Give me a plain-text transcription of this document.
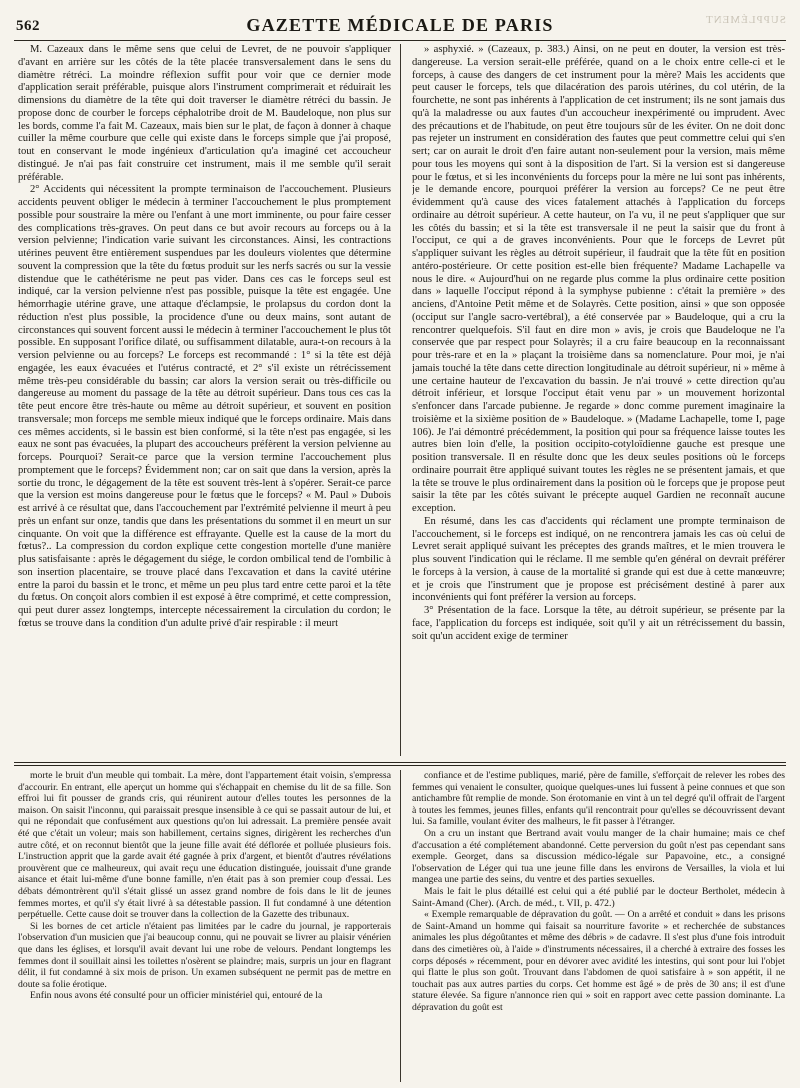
562	GAZETTE MÉDICALE DE PARIS	SUPPLÉMENT

M. Cazeaux dans le même sens que celui de Levret, de ne pouvoir s'appliquer d'avant en arrière sur les côtés de la tête placée transversalement dans le sens du diamètre rétréci. La moindre réflexion suffit pour voir que ce dernier mode d'application serait préférable, puisque alors l'instrument comprimerait et réduirait les dimensions du diamètre de la tête qui doit traverser le diamètre rétréci du bassin. Je propose donc de courber le forceps céphalotribe droit de M. Baudeloque, non plus sur les bords, comme l'a fait M. Cazeaux, mais bien sur le plat, de façon à donner à chaque cuiller la même courbure que celle qui existe dans le forceps simple que j'ai proposé, tout en conservant le mode ingénieux d'articulation qu'a imaginé cet accoucheur distingué. Je n'ai pas fait construire cet instrument, mais il me semble qu'il serait préférable.

2° Accidents qui nécessitent la prompte terminaison de l'accouchement. Plusieurs accidents peuvent obliger le médecin à terminer l'accouchement le plus promptement possible pour soustraire la mère ou l'enfant à une mort imminente, ou pour faire cesser des complications très-graves. On peut dans ce but avoir recours au forceps ou à la version pelvienne; l'indication varie suivant les circonstances. Ainsi, les contractions utérines peuvent être entièrement suspendues par les douleurs violentes que détermine souvent la compression que la tête du fœtus produit sur les nerfs sacrés ou sur la vessie distendue que le cathétérisme ne peut pas vider. Dans ces cas le forceps seul est indiqué, car la version pelvienne n'est pas possible, puisque la tête est engagée. Une hémorrhagie utérine grave, une attaque d'éclampsie, le prolapsus du cordon dont la réduction n'est plus possible, la procidence d'une ou deux mains, sont autant de circonstances qui souvent forcent aussi le médecin à terminer l'accouchement le plus tôt possible. En supposant l'orifice dilaté, ou suffisamment dilatable, aura-t-on recours à la version pelvienne ou au forceps? Le forceps est recommandé : 1° si la tête est déjà engagée, les eaux évacuées et l'utérus contracté, et 2° s'il existe un rétrécissement même très-peu considérable du bassin; car alors la version serait ou très-difficile ou dangereuse au moment du passage de la tête au détroit supérieur. Dans tous ces cas la tête peut encore être très-haute ou même au détroit supérieur, et souvent en position transversale; mon forceps me semble mieux indiqué que le forceps ordinaire. Mais dans ces mêmes accidents, si le bassin est bien conformé, si la tête n'est pas engagée, si les eaux ne sont pas évacuées, la plupart des accoucheurs préfèrent la version pelvienne au forceps. Pourquoi? Serait-ce parce que la version termine l'accouchement plus promptement que le forceps? Évidemment non; car on sait que dans la version, après la sortie du tronc, le dégagement de la tête est souvent très-lent à s'opérer. Serait-ce parce que la version est moins dangereuse pour le fœtus que le forceps? « M. Paul » Dubois est arrivé à ce résultat que, dans l'accouchement par l'extrémité pelvienne il meurt à peu près un enfant sur onze, tandis que dans les présentations du sommet il en meurt un sur cinquante. On voit que la différence est effrayante. Quelle est la cause de la mort du fœtus?.. La compression du cordon explique cette congestion mortelle d'une manière plus satisfaisante : après le dégagement du siége, le cordon ombilical tend de l'ombilic à son insertion placentaire, se trouve placé dans l'excavation et dans la cavité utérine entre la paroi du bassin et le tronc, et même un peu plus tard entre cette paroi et la tête du fœtus. On conçoit alors combien il est exposé à être comprimé, et cette compression, qui peut durer assez longtemps, intercepte nécessairement la circulation du cordon; le fœtus se trouve dans la condition d'un adulte privé d'air respirable : il meurt

» asphyxié. » (Cazeaux, p. 383.) Ainsi, on ne peut en douter, la version est très-dangereuse. La version serait-elle préférée, quand on a le choix entre celle-ci et le forceps, à cause des dangers de cet instrument pour la mère? Mais les accidents que peut causer le forceps, tels que dilacération des parois utérines, du col utérin, de la fourchette, ne sont pas inhérents à l'application de cet instrument; ils ne sont jamais dus qu'à la maladresse ou aux fautes d'un accoucheur inexpérimenté ou imprudent. Avec des précautions et de l'habitude, on peut être toujours sûr de les éviter. On ne doit donc pas rejeter un instrument en considération des fautes que peut commettre celui qui s'en sert; car on aurait le droit d'en faire autant non-seulement pour la version, mais même pour tous les moyens qui sont à la disposition de l'art. Si la version est si dangereuse pour le fœtus, et si les inconvénients du forceps pour la mère ne lui sont pas inhérents, je le demande encore, pourquoi préférer la version au forceps? Ce ne peut être évidemment qu'à cause des vices fatalement attachés à l'application du forceps ordinaire au détroit supérieur. A cette hauteur, on l'a vu, il ne peut s'appliquer que sur les côtés du bassin; et si la tête est transversale il ne peut la saisir que du front à l'occiput, ce qui a de graves inconvénients. Pour que le forceps de Levret pût s'appliquer suivant les règles au détroit supérieur, il faudrait que la tête fût en position antéro-postérieure. Or cette position est-elle bien fréquente? Madame Lachapelle va nous le dire. « Aujourd'hui on ne regarde plus comme la plus ordinaire cette position dans » laquelle l'occiput répond à la symphyse pubienne : c'était la première » des anciens, d'Antoine Petit même et de Solayrès. Cette position, ainsi » que son opposée (occiput sur l'angle sacro-vertébral), a été conservée par » Baudeloque, qui a cru la rencontrer quelquefois. S'il faut en dire mon » avis, je crois que Baudeloque ne l'a conservée que par respect pour Solayrès; il a cru faire beaucoup en la reconnaissant pour très-rare et en la » plaçant la troisième dans sa nomenclature. Pour moi, je n'ai jamais touché la tête dans cette direction longitudinale au détroit supérieur, ni » même à une certaine hauteur de l'excavation du bassin. Je n'ai trouvé » cette direction qu'au détroit inférieur, et lorsque l'occiput était venu par » un mouvement horizontal s'enfoncer dans l'arcade pubienne. Je regarde » donc comme purement imaginaire la troisième et la sixième position de » Baudeloque. » (Madame Lachapelle, tome I, page 106). Je l'ai démontré précédemment, la position qui pour sa fréquence laisse toutes les autres bien loin d'elle, la position occipito-cotyloïdienne gauche est presque une position transversale. Il en résulte donc que les deux seules positions où le forceps ordinaire pourrait être appliqué suivant toutes les règles ne se présentent jamais, et que la tête se trouve le plus ordinairement dans la position où le forceps que je propose peut saisir la tête par les côtés suivant le précepte auquel Gardien ne reconnaît aucune exception.

En résumé, dans les cas d'accidents qui réclament une prompte terminaison de l'accouchement, si le forceps est indiqué, on ne rencontrera jamais les cas où celui de Levret serait appliqué suivant les préceptes des grands maîtres, et le mien trouvera le plus souvent l'indication qui le réclame. Il me semble qu'en général on devrait préférer le forceps à la version, à cause de la mortalité si grande qui est due à cette manœuvre; et je crois que l'instrument que je propose est précisément destiné à parer aux inconvénients qui font préférer la version au forceps.

3° Présentation de la face. Lorsque la tête, au détroit supérieur, se présente par la face, l'application du forceps est indiquée, soit qu'il y ait un rétrécissement du bassin, soit qu'un accident exige de terminer

morte le bruit d'un meuble qui tombait. La mère, dont l'appartement était voisin, s'empressa d'accourir. En entrant, elle aperçut un homme qui s'échappait en chemise du lit de sa fille. Son effroi lui fit pousser de grands cris, qui réunirent autour d'elles toutes les personnes de la maison. On saisit l'inconnu, qui paraissait presque insensible à ce qui se passait autour de lui, et qui ne répondait que confusément aux questions qu'on lui adressait. La première pensée avait été que c'était un voleur; mais son habillement, certains signes, dirigèrent les recherches d'un autre côté, et on reconnut bientôt que la jeune fille avait été déflorée et polluée plusieurs fois. L'instruction apprit que la garde avait été gagnée à prix d'argent, et bientôt d'autres révélations prouvèrent que ce malheureux, qui avait reçu une éducation distinguée, jouissait d'une grande aisance et était lui-même d'une bonne famille, n'en était pas à son premier coup d'essai. Les débats démontrèrent qu'il s'était glissé un assez grand nombre de fois dans le lit de jeunes femmes mortes, et qu'il s'y était livré à sa détestable passion. Il fut condamné à une détention perpétuelle. Cette cause doit se trouver dans la collection de la Gazette des tribunaux.

Si les bornes de cet article n'étaient pas limitées par le cadre du journal, je rapporterais l'observation d'un musicien que j'ai beaucoup connu, qui ne pouvait se livrer au plaisir vénérien que dans les églises, et lorsqu'il avait devant lui une robe de velours. Pendant longtemps les femmes dont il souillait ainsi les toilettes n'osèrent se plaindre; mais, surpris un jour en flagrant délit, il fut condamné à six mois de prison. Un examen subséquent ne permit pas de mettre en doute sa folie érotique.

Enfin nous avons été consulté pour un officier ministériel qui, entouré de la

confiance et de l'estime publiques, marié, père de famille, s'efforçait de relever les robes des femmes qui venaient le consulter, quoique quelques-unes lui fussent à peine connues et que son antichambre fût remplie de monde. Son érotomanie en vint à un tel degré qu'il offrait de l'argent à toutes les femmes, jeunes filles, enfants qu'il rencontrait pour qu'elles se découvrissent devant lui. Sa famille, voulant éviter des malheurs, le fit passer à l'étranger.

On a cru un instant que Bertrand avait voulu manger de la chair humaine; mais ce chef d'accusation a été complétement abandonné. Cette perversion du goût n'est pas cependant sans exemple. Georget, dans sa discussion médico-légale sur Papavoine, etc., a consigné l'observation de Léger qui tua une jeune fille dans les environs de Versailles, la viola et lui mangea une partie des seins, du ventre et des parties sexuelles.

Mais le fait le plus détaillé est celui qui a été publié par le docteur Bertholet, médecin à Saint-Amand (Cher). (Arch. de méd., t. VII, p. 472.)

« Exemple remarquable de dépravation du goût. — On a arrêté et conduit » dans les prisons de Saint-Amand un homme qui faisait sa nourriture favorite » et recherchée de substances animales les plus dégoûtantes et même des débris » de cadavre. Il s'est plus d'une fois introduit dans des cimetières où, à l'aide » d'instruments nécessaires, il a cherché à extraire des fosses les corps déposés » récemment, pour en dévorer avec avidité les intestins, qui sont pour lui l'objet qui flatte le plus son goût. Trouvant dans l'abdomen de quoi satisfaire à » son appétit, il ne touchait pas aux autres parties du corps. Cet homme est âgé » de près de 30 ans; il est d'une stature élevée. Sa figure n'annonce rien qui » soit en rapport avec cette passion dominante. La dépravation du goût est
